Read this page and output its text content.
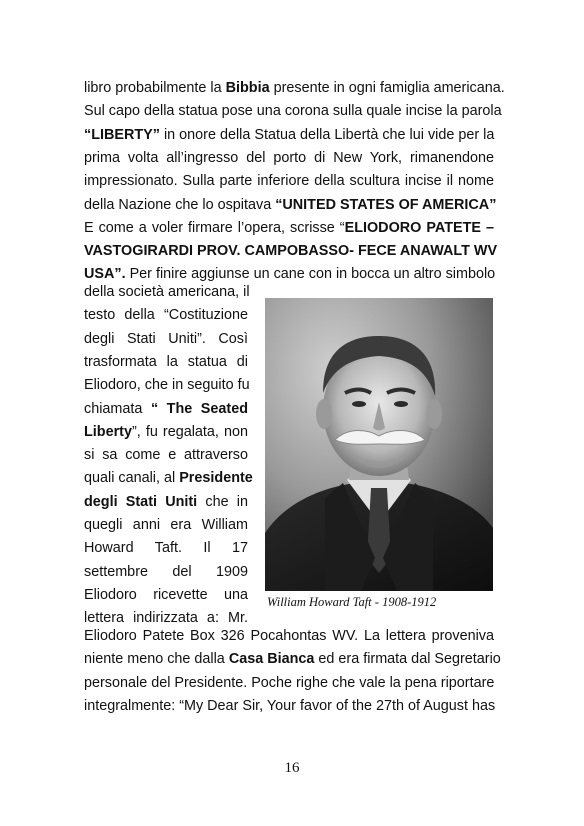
libro probabilmente la Bibbia presente in ogni famiglia americana.
Sul capo della statua pose una corona sulla quale incise la parola
“LIBERTY” in onore della Statua della Libertà che lui vide per la
prima volta all’ingresso del porto di New York, rimanendone
impressionato. Sulla parte inferiore della scultura incise il nome
della Nazione che lo ospitava “UNITED STATES OF AMERICA”
E come a voler firmare l’opera, scrisse “ELIODORO PATETE –
VASTOGIRARDI PROV. CAMPOBASSO- FECE ANAWALT WV
USA”. Per finire aggiunse un cane con in bocca un altro simbolo
della società americana, il
testo della “Costituzione
degli Stati Uniti”. Così
trasformata la statua di
Eliodoro, che in seguito fu
chiamata “ The Seated
Liberty”, fu regalata, non
si sa come e attraverso
quali canali, al Presidente
degli Stati Uniti che in
quegli anni era William
Howard Taft. Il 17
settembre del 1909
Eliodoro ricevette una
lettera indirizzata a: Mr.
Eliodoro Patete Box 326 Pocahontas WV. La lettera proveniva
niente meno che dalla Casa Bianca ed era firmata dal Segretario
personale del Presidente. Poche righe che vale la pena riportare
integralmente: “My Dear Sir, Your favor of the 27th of August has
William Howard Taft - 1908-1912
16
